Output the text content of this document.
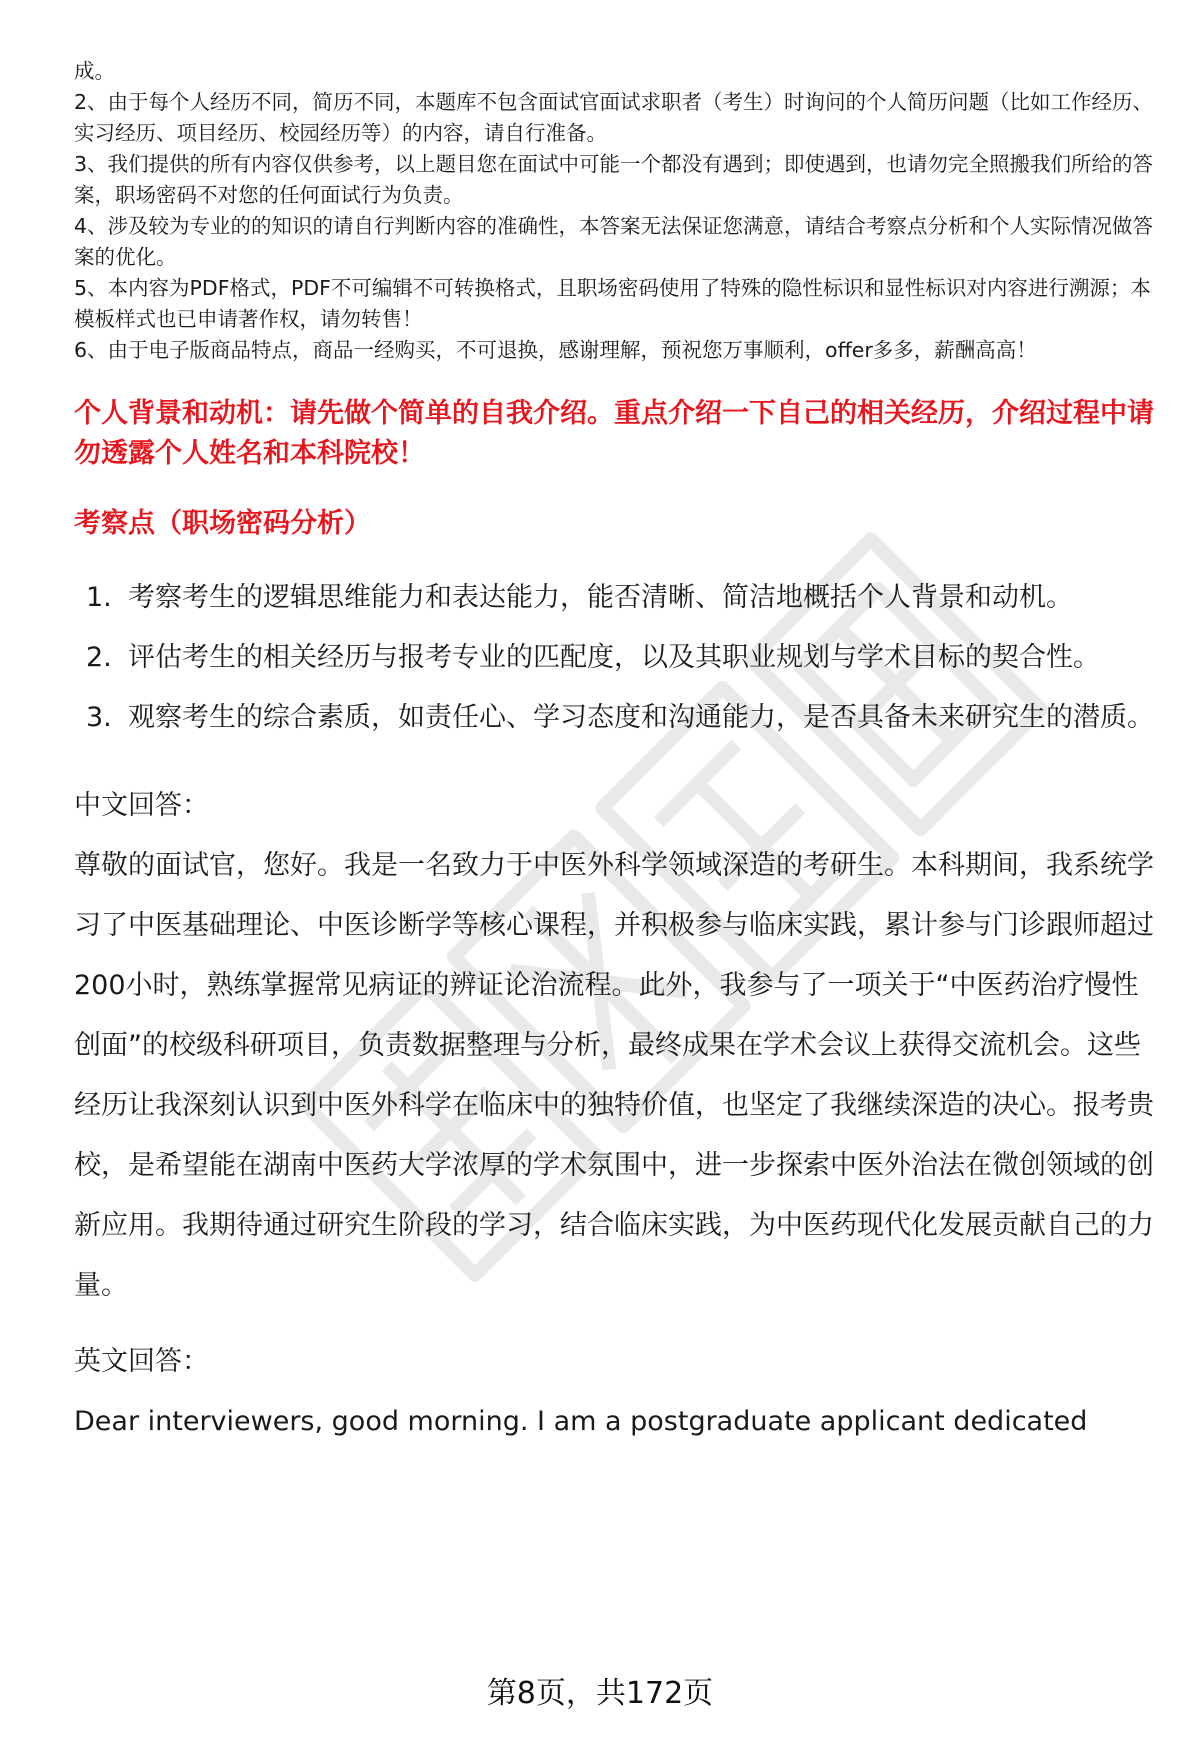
成。

2、由于每个人经历不同，简历不同，本题库不包含面试官面试求职者（考生）时询问的个人简历问题（比如工作经历、实习经历、项目经历、校园经历等）的内容，请自行准备。

3、我们提供的所有内容仅供参考，以上题目您在面试中可能一个都没有遇到；即使遇到，也请勿完全照搬我们所给的答案，职场密码不对您的任何面试行为负责。

4、涉及较为专业的的知识的请自行判断内容的准确性，本答案无法保证您满意，请结合考察点分析和个人实际情况做答案的优化。

5、本内容为PDF格式，PDF不可编辑不可转换格式，且职场密码使用了特殊的隐性标识和显性标识对内容进行溯源；本模板样式也已申请著作权，请勿转售！

6、由于电子版商品特点，商品一经购买，不可退换，感谢理解，预祝您万事顺利，offer多多，薪酬高高！

个人背景和动机：请先做个简单的自我介绍。重点介绍一下自己的相关经历，介绍过程中请勿透露个人姓名和本科院校！
考察点（职场密码分析）
1. 考察考生的逻辑思维能力和表达能力，能否清晰、简洁地概括个人背景和动机。
2. 评估考生的相关经历与报考专业的匹配度，以及其职业规划与学术目标的契合性。
3. 观察考生的综合素质，如责任心、学习态度和沟通能力，是否具备未来研究生的潜质。

中文回答：

尊敬的面试官，您好。我是一名致力于中医外科学领域深造的考研生。本科期间，我系统学习了中医基础理论、中医诊断学等核心课程，并积极参与临床实践，累计参与门诊跟师超过200小时，熟练掌握常见病证的辨证论治流程。此外，我参与了一项关于“中医药治疗慢性创面”的校级科研项目，负责数据整理与分析，最终成果在学术会议上获得交流机会。这些经历让我深刻认识到中医外科学在临床中的独特价值，也坚定了我继续深造的决心。报考贵校，是希望能在湖南中医药大学浓厚的学术氛围中，进一步探索中医外治法在微创领域的创新应用。我期待通过研究生阶段的学习，结合临床实践，为中医药现代化发展贡献自己的力量。

英文回答：

Dear interviewers, good morning. I am a postgraduate applicant dedicated

第8页，共172页
